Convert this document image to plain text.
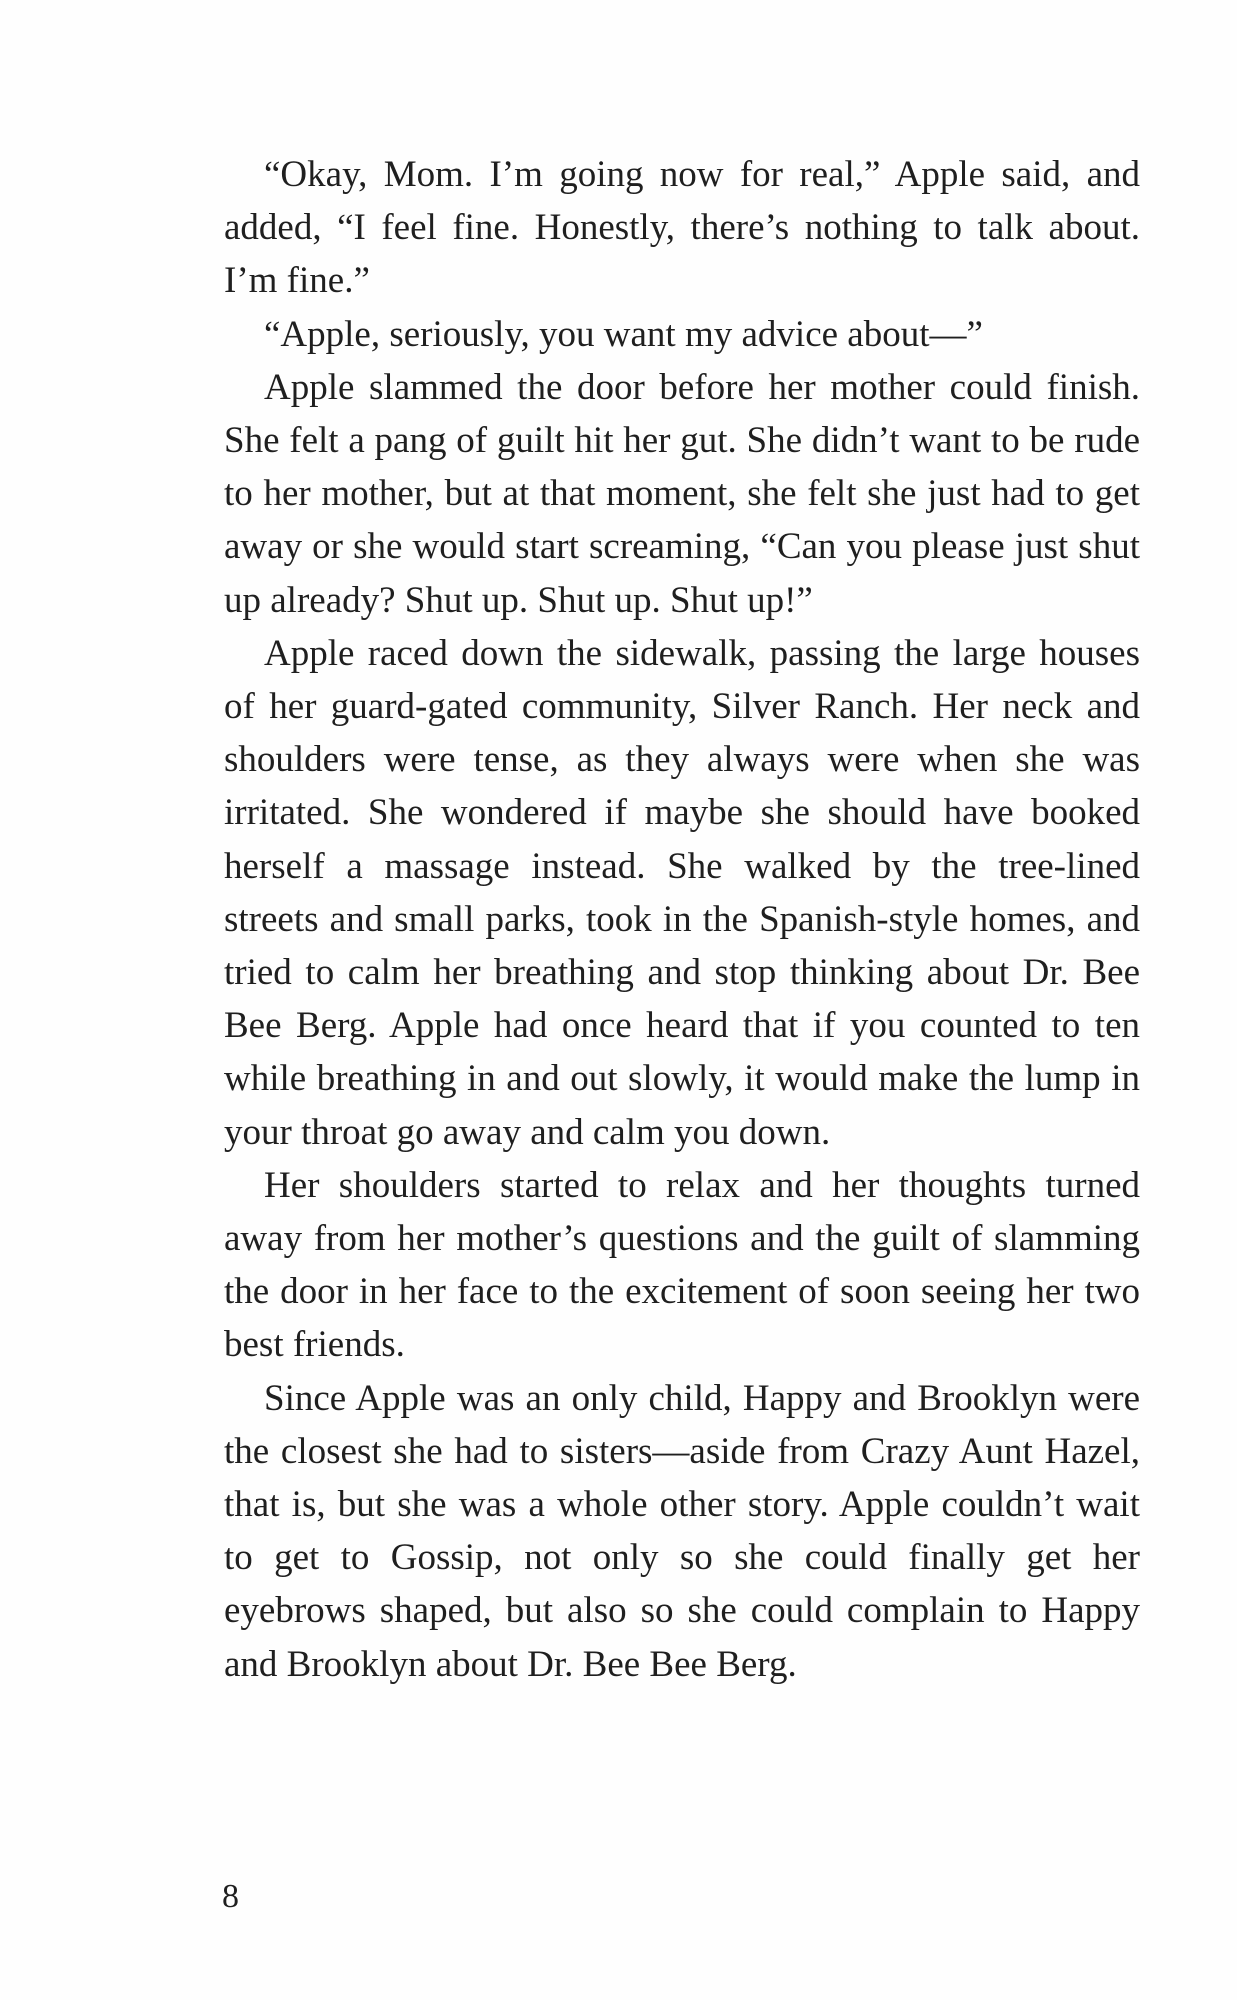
“Okay, Mom. I’m going now for real,” Apple said, and added, “I feel fine. Honestly, there’s nothing to talk about. I’m fine.”

“Apple, seriously, you want my advice about—”

Apple slammed the door before her mother could finish. She felt a pang of guilt hit her gut. She didn’t want to be rude to her mother, but at that moment, she felt she just had to get away or she would start screaming, “Can you please just shut up already? Shut up. Shut up. Shut up!”

Apple raced down the sidewalk, passing the large houses of her guard-gated community, Silver Ranch. Her neck and shoulders were tense, as they always were when she was irritated. She wondered if maybe she should have booked herself a massage instead. She walked by the tree-lined streets and small parks, took in the Spanish-style homes, and tried to calm her breathing and stop thinking about Dr. Bee Bee Berg. Apple had once heard that if you counted to ten while breathing in and out slowly, it would make the lump in your throat go away and calm you down.

Her shoulders started to relax and her thoughts turned away from her mother’s questions and the guilt of slamming the door in her face to the excitement of soon seeing her two best friends.

Since Apple was an only child, Happy and Brooklyn were the closest she had to sisters—aside from Crazy Aunt Hazel, that is, but she was a whole other story. Apple couldn’t wait to get to Gossip, not only so she could finally get her eyebrows shaped, but also so she could complain to Happy and Brooklyn about Dr. Bee Bee Berg.

8
